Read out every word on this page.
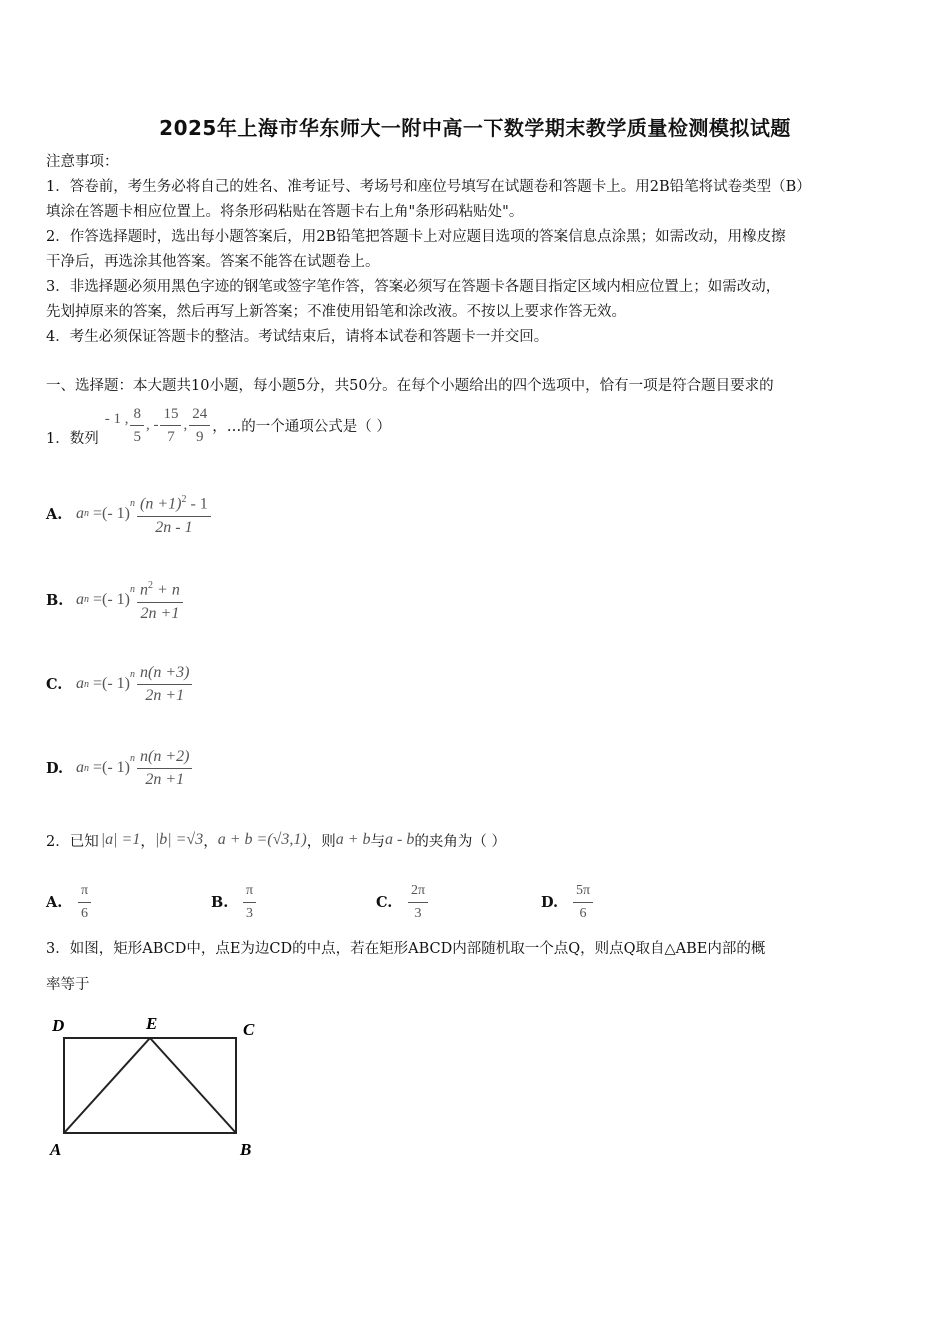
2025年上海市华东师大一附中高一下数学期末教学质量检测模拟试题
注意事项：
1．答卷前，考生务必将自己的姓名、准考证号、考场号和座位号填写在试题卷和答题卡上。用2B铅笔将试卷类型（B）
填涂在答题卡相应位置上。将条形码粘贴在答题卡右上角"条形码粘贴处"。
2．作答选择题时，选出每小题答案后，用2B铅笔把答题卡上对应题目选项的答案信息点涂黑；如需改动，用橡皮擦
干净后，再选涂其他答案。答案不能答在试题卷上。
3．非选择题必须用黑色字迹的钢笔或签字笔作答，答案必须写在答题卡各题目指定区域内相应位置上；如需改动，
先划掉原来的答案，然后再写上新答案；不准使用铅笔和涂改液。不按以上要求作答无效。
4．考生必须保证答题卡的整洁。考试结束后，请将本试卷和答题卡一并交回。
一、选择题：本大题共10小题，每小题5分，共50分。在每个小题给出的四个选项中，恰有一项是符合题目要求的
1．数列
- 1 , $\frac{8}{5}$ , - $\frac{15}{7}$ , $\frac{24}{9}$ ，…的一个通项公式是（ ）
A. a n =(- 1)
$^n \frac{(n +1)^2 - 1}{2n - 1}$
B. a n =(- 1)
$^n \frac{n^2 + n}{2n +1}$
C. a n =(- 1)
$^n \frac{n(n +3)}{2n +1}$
D. a n =(- 1)
$^n \frac{n(n +2)}{2n +1}$
2．已知 |a| =1 ， |b| =√3 ， a + b =(√3,1) ，则 a + b 与 a - b 的夹角为（ ）
A.	$\frac{\pi}{6}$	B.	$\frac{\pi}{3}$	C.	$\frac{2\pi}{3}$	D.	$\frac{5\pi}{6}$
3．如图，矩形ABCD中，点E为边CD的中点，若在矩形ABCD内部随机取一个点Q，则点Q取自△ABE内部的概
率等于
D	E	C
A	B
